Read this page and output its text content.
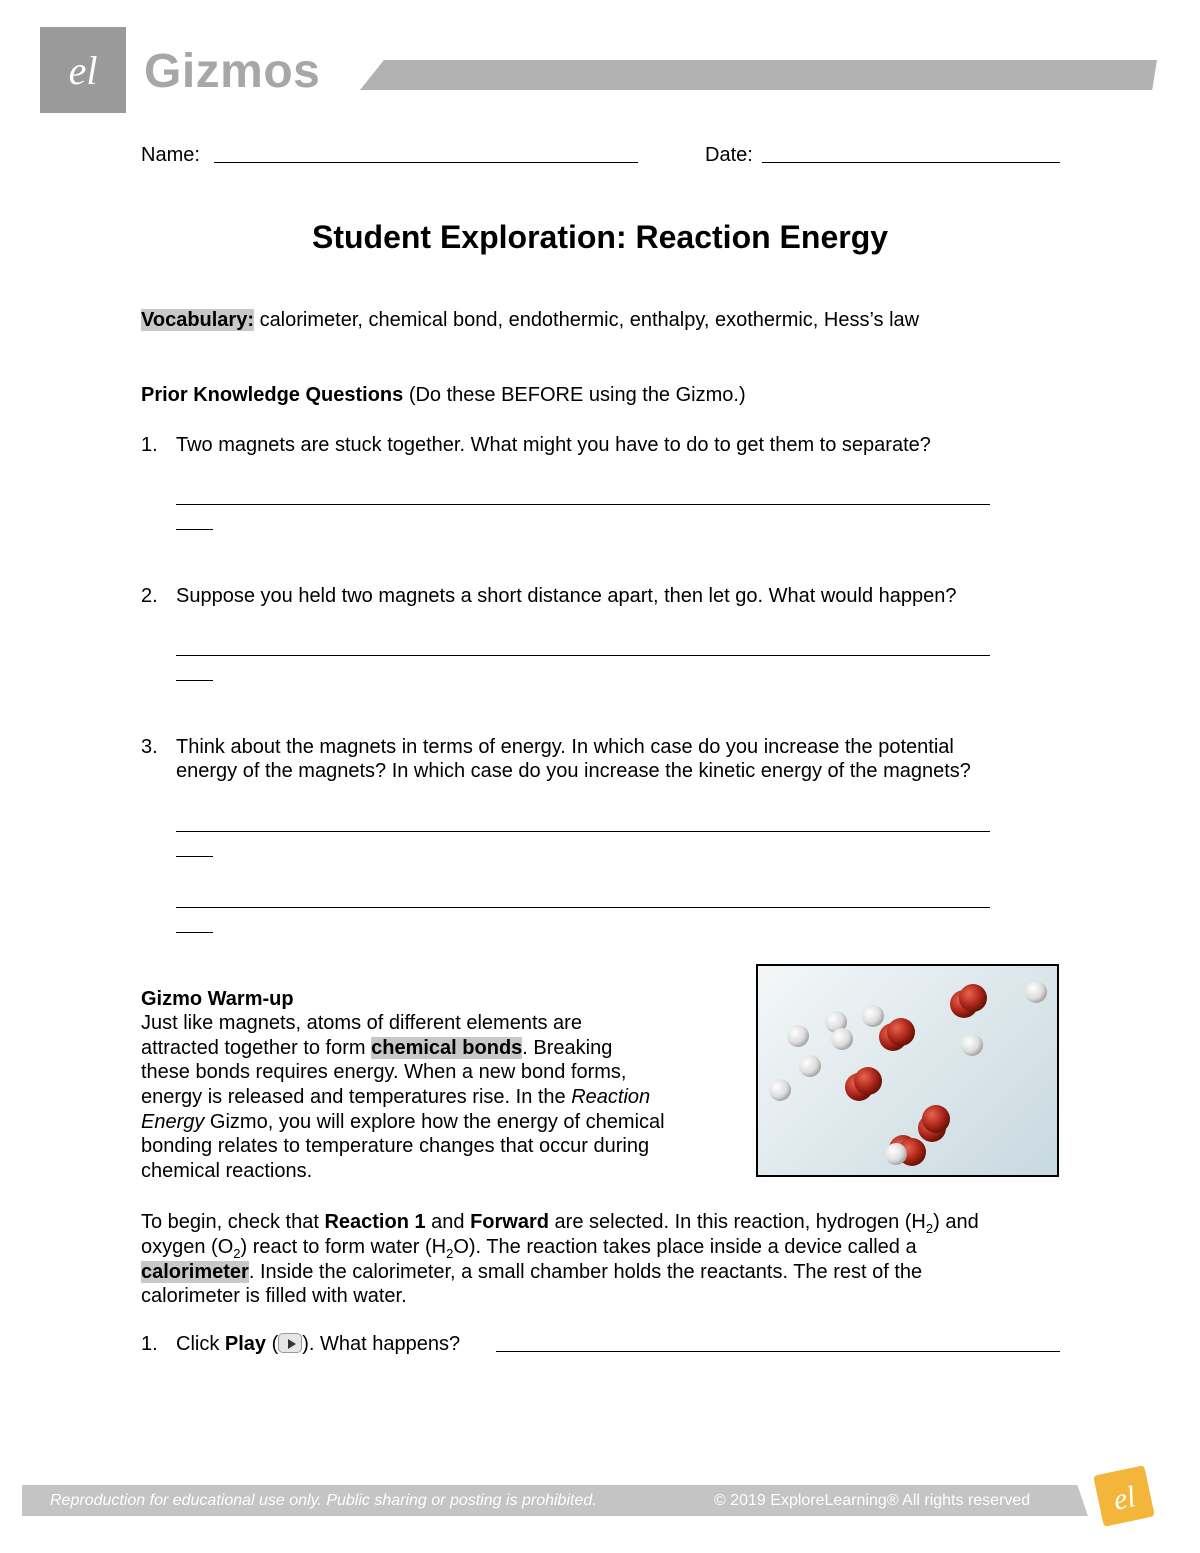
el Gizmos
Name:	Date:
Student Exploration: Reaction Energy
Vocabulary: calorimeter, chemical bond, endothermic, enthalpy, exothermic, Hess’s law
Prior Knowledge Questions (Do these BEFORE using the Gizmo.)
1. Two magnets are stuck together. What might you have to do to get them to separate?
2. Suppose you held two magnets a short distance apart, then let go. What would happen?
3. Think about the magnets in terms of energy. In which case do you increase the potential
energy of the magnets? In which case do you increase the kinetic energy of the magnets?
Gizmo Warm-up
Just like magnets, atoms of different elements are
attracted together to form chemical bonds. Breaking
these bonds requires energy. When a new bond forms,
energy is released and temperatures rise. In the Reaction
Energy Gizmo, you will explore how the energy of chemical
bonding relates to temperature changes that occur during
chemical reactions.
To begin, check that Reaction 1 and Forward are selected. In this reaction, hydrogen $(H_2)$ and
oxygen $(O_2)$ react to form water $(H_2O)$. The reaction takes place inside a device called a
calorimeter. Inside the calorimeter, a small chamber holds the reactants. The rest of the
calorimeter is filled with water.
1. Click Play ( ). What happens?
Reproduction for educational use only. Public sharing or posting is prohibited.	© 2019 ExploreLearning® All rights reserved	el
